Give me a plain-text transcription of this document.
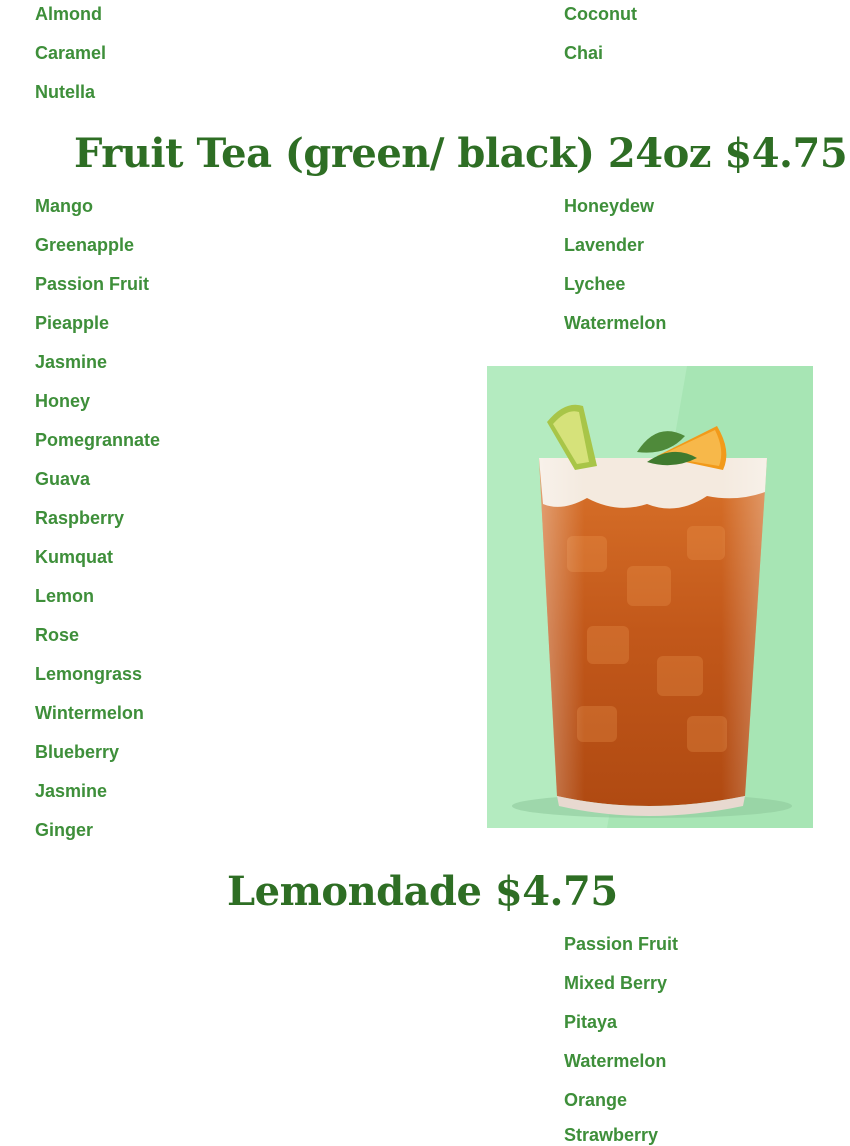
Almond
Caramel
Nutella
Coconut
Chai
Fruit Tea (green/ black) 24oz $4.75
Mango
Greenapple
Passion Fruit
Pieapple
Jasmine
Honey
Pomegrannate
Guava
Raspberry
Kumquat
Lemon
Rose
Lemongrass
Wintermelon
Blueberry
Jasmine
Ginger
Honeydew
Lavender
Lychee
Watermelon
Lemondade $4.75
Passion Fruit
Mixed Berry
Pitaya
Watermelon
Orange
Strawberry
